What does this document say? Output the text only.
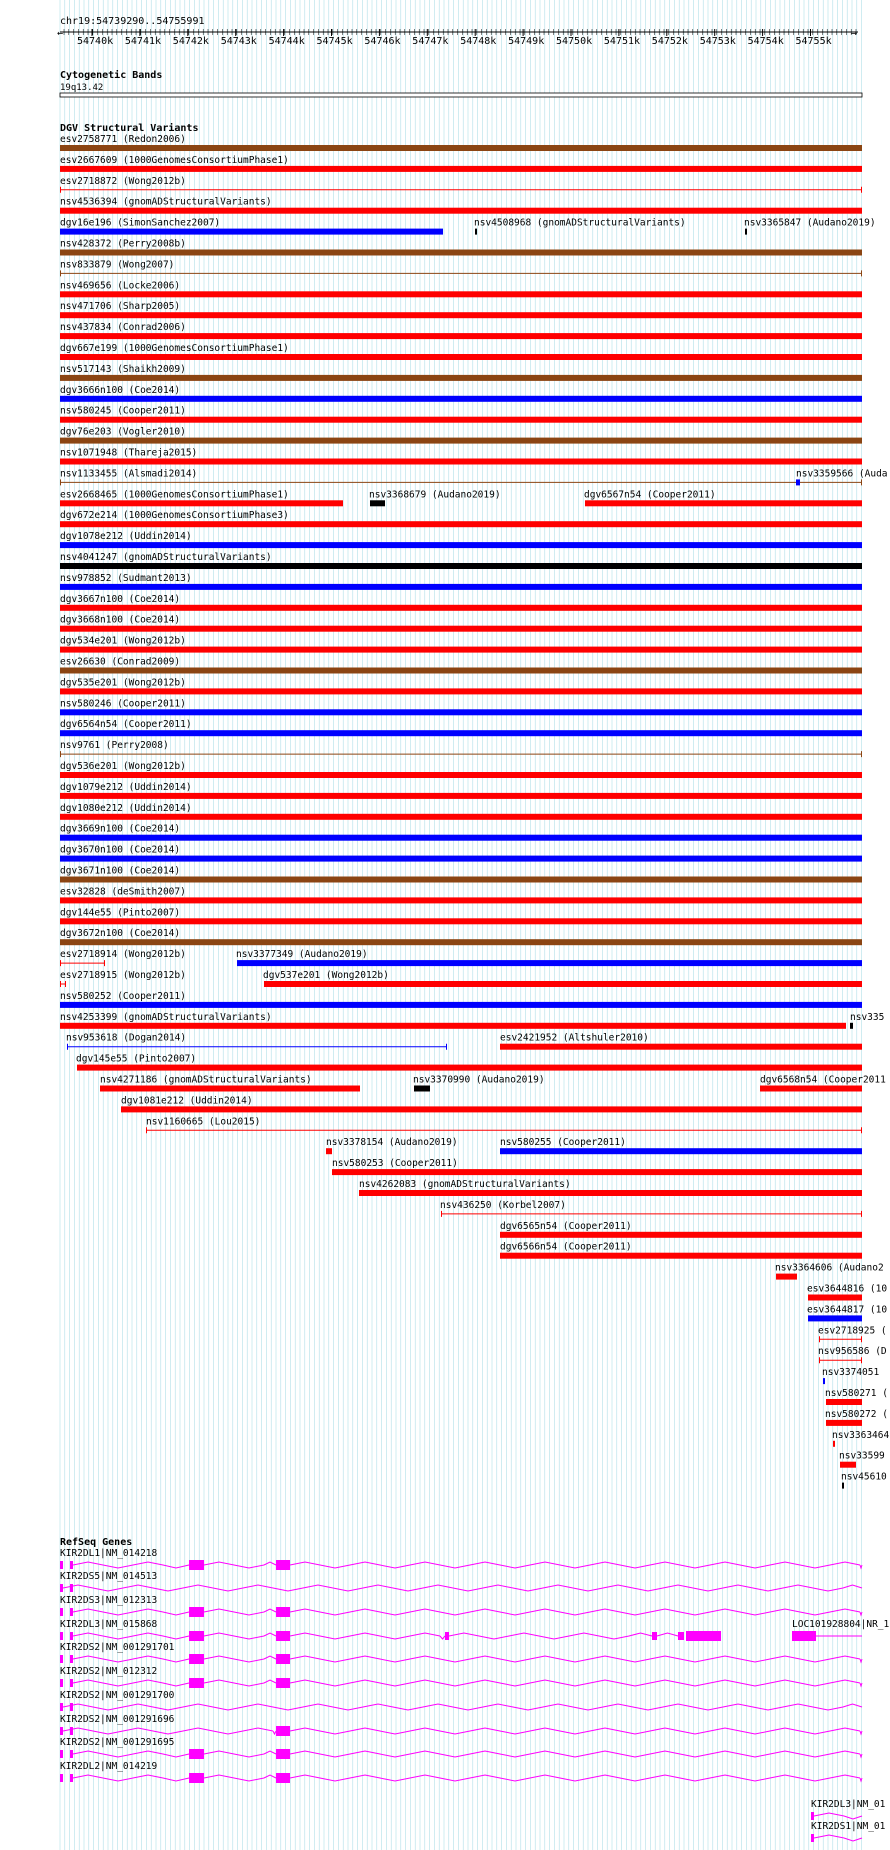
chr19:54739290..54755991
←	→
54740k 54741k 54742k 54743k 54744k 54745k 54746k 54747k 54748k 54749k 54750k 54751k 54752k 54753k 54754k 54755k
Cytogenetic Bands
19q13.42
DGV Structural Variants
esv2758771 (Redon2006)
esv2667609 (1000GenomesConsortiumPhase1)
esv2718872 (Wong2012b)
nsv4536394 (gnomADStructuralVariants)
dgv16e196 (SimonSanchez2007)	nsv4508968 (gnomADStructuralVariants)	nsv3365847 (Audano2019)
nsv428372 (Perry2008b)
nsv833879 (Wong2007)
nsv469656 (Locke2006)
nsv471706 (Sharp2005)
nsv437834 (Conrad2006)
dgv667e199 (1000GenomesConsortiumPhase1)
nsv517143 (Shaikh2009)
dgv3666n100 (Coe2014)
nsv580245 (Cooper2011)
dgv76e203 (Vogler2010)
nsv1071948 (Thareja2015)
nsv1133455 (Alsmadi2014)	nsv3359566 (Auda
esv2668465 (1000GenomesConsortiumPhase1)	nsv3368679 (Audano2019)	dgv6567n54 (Cooper2011)
dgv672e214 (1000GenomesConsortiumPhase3)
dgv1078e212 (Uddin2014)
nsv4041247 (gnomADStructuralVariants)
nsv978852 (Sudmant2013)
dgv3667n100 (Coe2014)
dgv3668n100 (Coe2014)
dgv534e201 (Wong2012b)
esv26630 (Conrad2009)
dgv535e201 (Wong2012b)
nsv580246 (Cooper2011)
dgv6564n54 (Cooper2011)
nsv9761 (Perry2008)
dgv536e201 (Wong2012b)
dgv1079e212 (Uddin2014)
dgv1080e212 (Uddin2014)
dgv3669n100 (Coe2014)
dgv3670n100 (Coe2014)
dgv3671n100 (Coe2014)
esv32828 (deSmith2007)
dgv144e55 (Pinto2007)
dgv3672n100 (Coe2014)
esv2718914 (Wong2012b)	nsv3377349 (Audano2019)
esv2718915 (Wong2012b)	dgv537e201 (Wong2012b)
nsv580252 (Cooper2011)
nsv4253399 (gnomADStructuralVariants)	nsv335
nsv953618 (Dogan2014)	esv2421952 (Altshuler2010)
dgv145e55 (Pinto2007)
nsv4271186 (gnomADStructuralVariants)	nsv3370990 (Audano2019)	dgv6568n54 (Cooper2011
dgv1081e212 (Uddin2014)
nsv1160665 (Lou2015)
nsv3378154 (Audano2019)	nsv580255 (Cooper2011)
nsv580253 (Cooper2011)
nsv4262083 (gnomADStructuralVariants)
nsv436250 (Korbel2007)
dgv6565n54 (Cooper2011)
dgv6566n54 (Cooper2011)
nsv3364606 (Audano2
esv3644816 (10
esv3644817 (10
esv2718925 (
nsv956586 (D
nsv3374051
nsv580271 (
nsv580272 (
nsv3363464
nsv33599
nsv45610
RefSeq Genes
KIR2DL1|NM_014218
KIR2DS5|NM_014513
KIR2DS3|NM_012313
KIR2DL3|NM_015868	LOC101928804|NR_1
KIR2DS2|NM_001291701
KIR2DS2|NM_012312
KIR2DS2|NM_001291700
KIR2DS2|NM_001291696
KIR2DS2|NM_001291695
KIR2DL2|NM_014219
KIR2DL3|NM_01
KIR2DS1|NM_01
